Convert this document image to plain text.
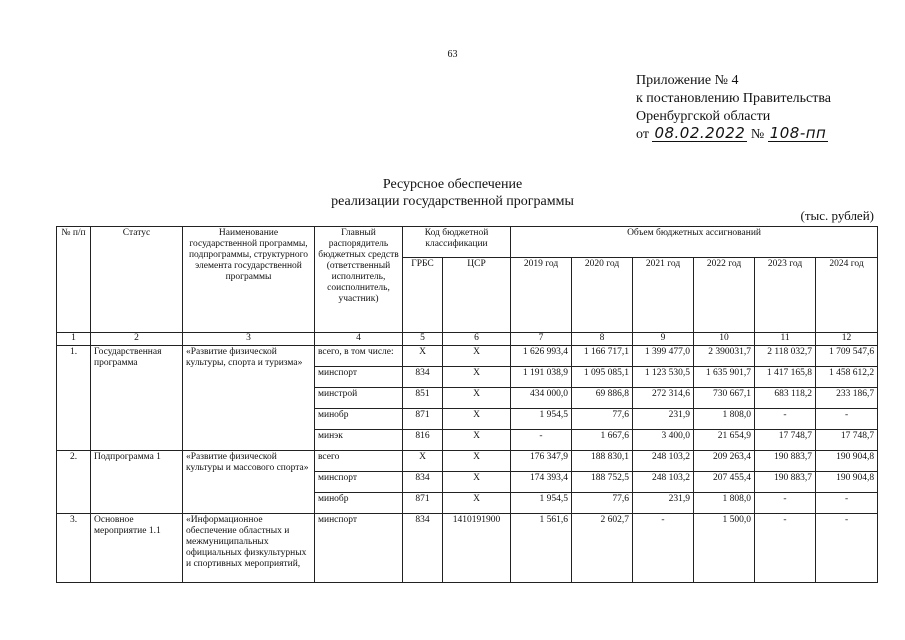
63
Приложение № 4
к постановлению Правительства
Оренбургской области
от 08.02.2022 № 108-пп
Ресурсное обеспечение
реализации государственной программы
(тыс. рублей)
№ п/п	Статус	Наименование государственной программы, подпрограммы, структурного элемента государственной программы	Главный распорядитель бюджетных средств (ответственный исполнитель, соисполнитель, участник)	Код бюджетной классификации		Объем бюджетных ассигнований					
				ГРБС	ЦСР	2019 год	2020 год	2021 год	2022 год	2023 год	2024 год
1	2	3	4	5	6	7	8	9	10	11	12
1.	Государственная программа	«Развитие физической культуры, спорта и туризма»	всего, в том числе:	Х	Х	1 626 993,4	1 166 717,1	1 399 477,0	2 390031,7	2 118 032,7	1 709 547,6
			минспорт	834	Х	1 191 038,9	1 095 085,1	1 123 530,5	1 635 901,7	1 417 165,8	1 458 612,2
			минстрой	851	Х	434 000,0	69 886,8	272 314,6	730 667,1	683 118,2	233 186,7
			минобр	871	Х	1 954,5	77,6	231,9	1 808,0	-	-
			минэк	816	Х	-	1 667,6	3 400,0	21 654,9	17 748,7	17 748,7
2.	Подпрограмма 1	«Развитие физической культуры и массового спорта»	всего	Х	Х	176 347,9	188 830,1	248 103,2	209 263,4	190 883,7	190 904,8
			минспорт	834	Х	174 393,4	188 752,5	248 103,2	207 455,4	190 883,7	190 904,8
			минобр	871	Х	1 954,5	77,6	231,9	1 808,0	-	-
3.	Основное мероприятие 1.1	«Информационное обеспечение областных и межмуниципальных официальных физкультурных и спортивных мероприятий,	минспорт	834	1410191900	1 561,6	2 602,7	-	1 500,0	-	-
